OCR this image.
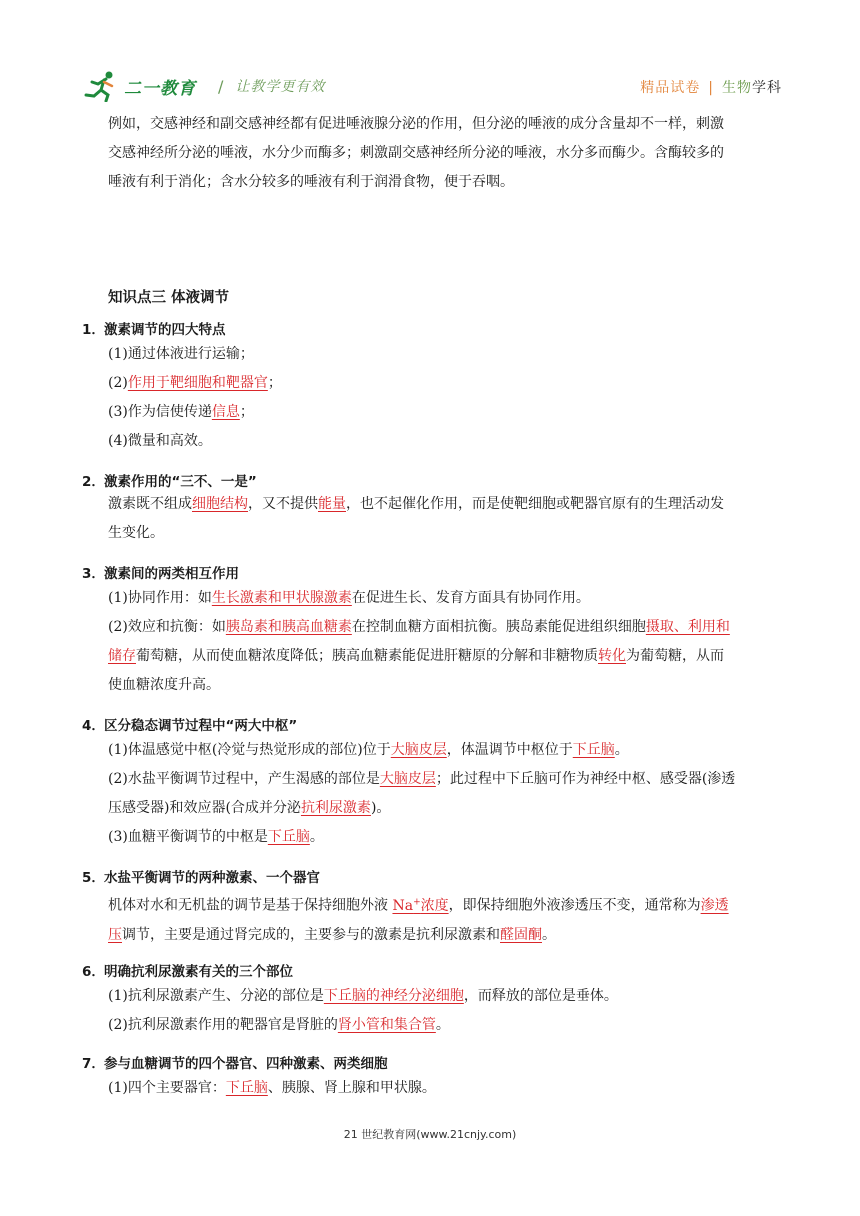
二一教育 / 让教学更有效	精品试卷 | 生物学科
例如，交感神经和副交感神经都有促进唾液腺分泌的作用，但分泌的唾液的成分含量却不一样，刺激
交感神经所分泌的唾液，水分少而酶多；刺激副交感神经所分泌的唾液，水分多而酶少。含酶较多的
唾液有利于消化；含水分较多的唾液有利于润滑食物，便于吞咽。
知识点三 体液调节
1．激素调节的四大特点
(1)通过体液进行运输；
(2)作用于靶细胞和靶器官；
(3)作为信使传递信息；
(4)微量和高效。
2．激素作用的“三不、一是”
激素既不组成细胞结构，又不提供能量，也不起催化作用，而是使靶细胞或靶器官原有的生理活动发
生变化。
3．激素间的两类相互作用
(1)协同作用：如生长激素和甲状腺激素在促进生长、发育方面具有协同作用。
(2)效应和抗衡：如胰岛素和胰高血糖素在控制血糖方面相抗衡。胰岛素能促进组织细胞摄取、利用和
储存葡萄糖，从而使血糖浓度降低；胰高血糖素能促进肝糖原的分解和非糖物质转化为葡萄糖，从而
使血糖浓度升高。
4．区分稳态调节过程中“两大中枢”
(1)体温感觉中枢(冷觉与热觉形成的部位)位于大脑皮层，体温调节中枢位于下丘脑。
(2)水盐平衡调节过程中，产生渴感的部位是大脑皮层；此过程中下丘脑可作为神经中枢、感受器(渗透
压感受器)和效应器(合成并分泌抗利尿激素)。
(3)血糖平衡调节的中枢是下丘脑。
5．水盐平衡调节的两种激素、一个器官
机体对水和无机盐的调节是基于保持细胞外液 Na+浓度，即保持细胞外液渗透压不变，通常称为渗透
压调节，主要是通过肾完成的，主要参与的激素是抗利尿激素和醛固酮。
6．明确抗利尿激素有关的三个部位
(1)抗利尿激素产生、分泌的部位是下丘脑的神经分泌细胞，而释放的部位是垂体。
(2)抗利尿激素作用的靶器官是肾脏的肾小管和集合管。
7．参与血糖调节的四个器官、四种激素、两类细胞
(1)四个主要器官：下丘脑、胰腺、肾上腺和甲状腺。
21 世纪教育网(www.21cnjy.com)
